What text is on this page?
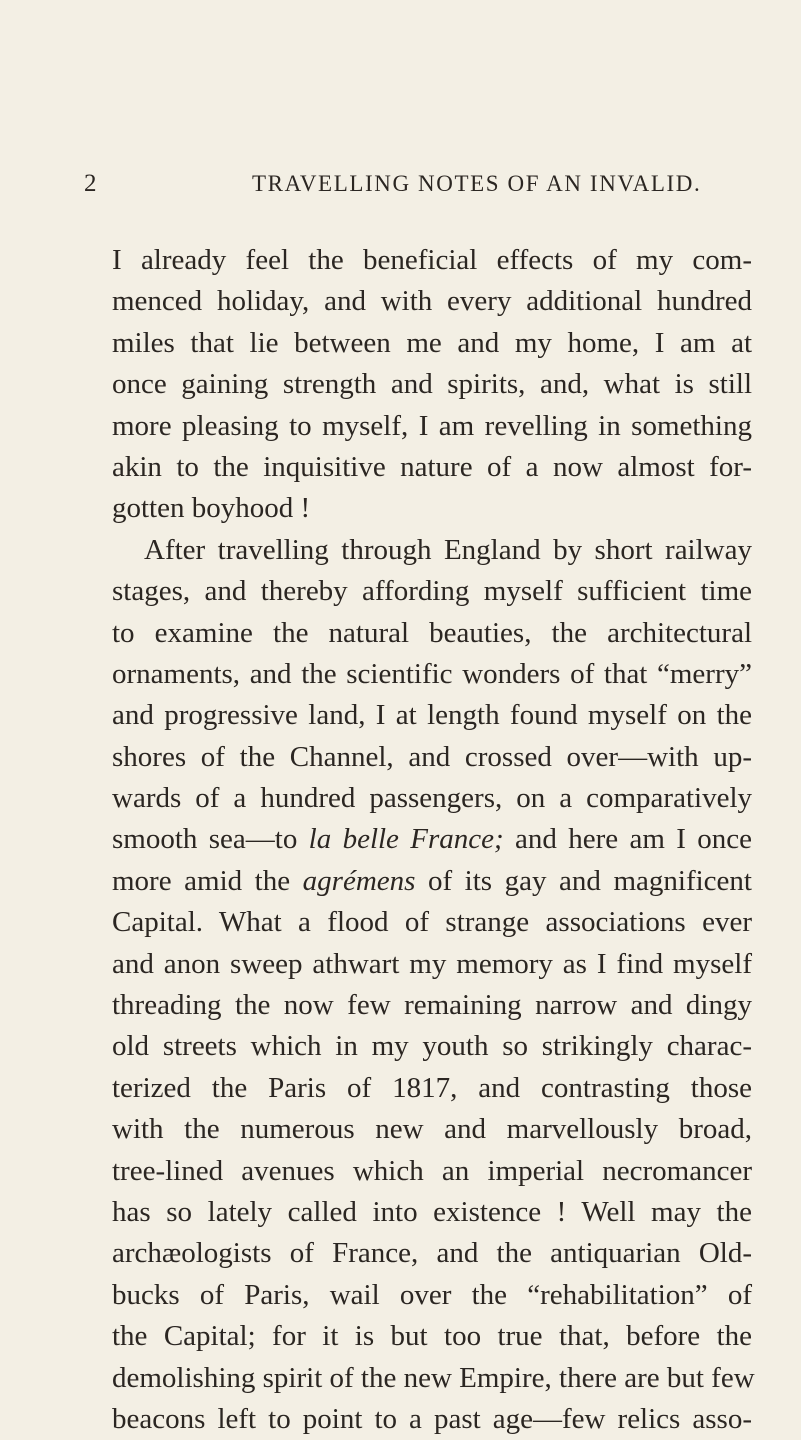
2	TRAVELLING NOTES OF AN INVALID.
I already feel the beneficial effects of my com-
menced holiday, and with every additional hundred
miles that lie between me and my home, I am at
once gaining strength and spirits, and, what is still
more pleasing to myself, I am revelling in something
akin to the inquisitive nature of a now almost for-
gotten boyhood !
After travelling through England by short railway
stages, and thereby affording myself sufficient time
to examine the natural beauties, the architectural
ornaments, and the scientific wonders of that “merry”
and progressive land, I at length found myself on the
shores of the Channel, and crossed over—with up-
wards of a hundred passengers, on a comparatively
smooth sea—to la belle France; and here am I once
more amid the agrémens of its gay and magnificent
Capital. What a flood of strange associations ever
and anon sweep athwart my memory as I find myself
threading the now few remaining narrow and dingy
old streets which in my youth so strikingly charac-
terized the Paris of 1817, and contrasting those
with the numerous new and marvellously broad,
tree-lined avenues which an imperial necromancer
has so lately called into existence ! Well may the
archæologists of France, and the antiquarian Old-
bucks of Paris, wail over the “rehabilitation” of
the Capital; for it is but too true that, before the
demolishing spirit of the new Empire, there are but few
beacons left to point to a past age—few relics asso-
